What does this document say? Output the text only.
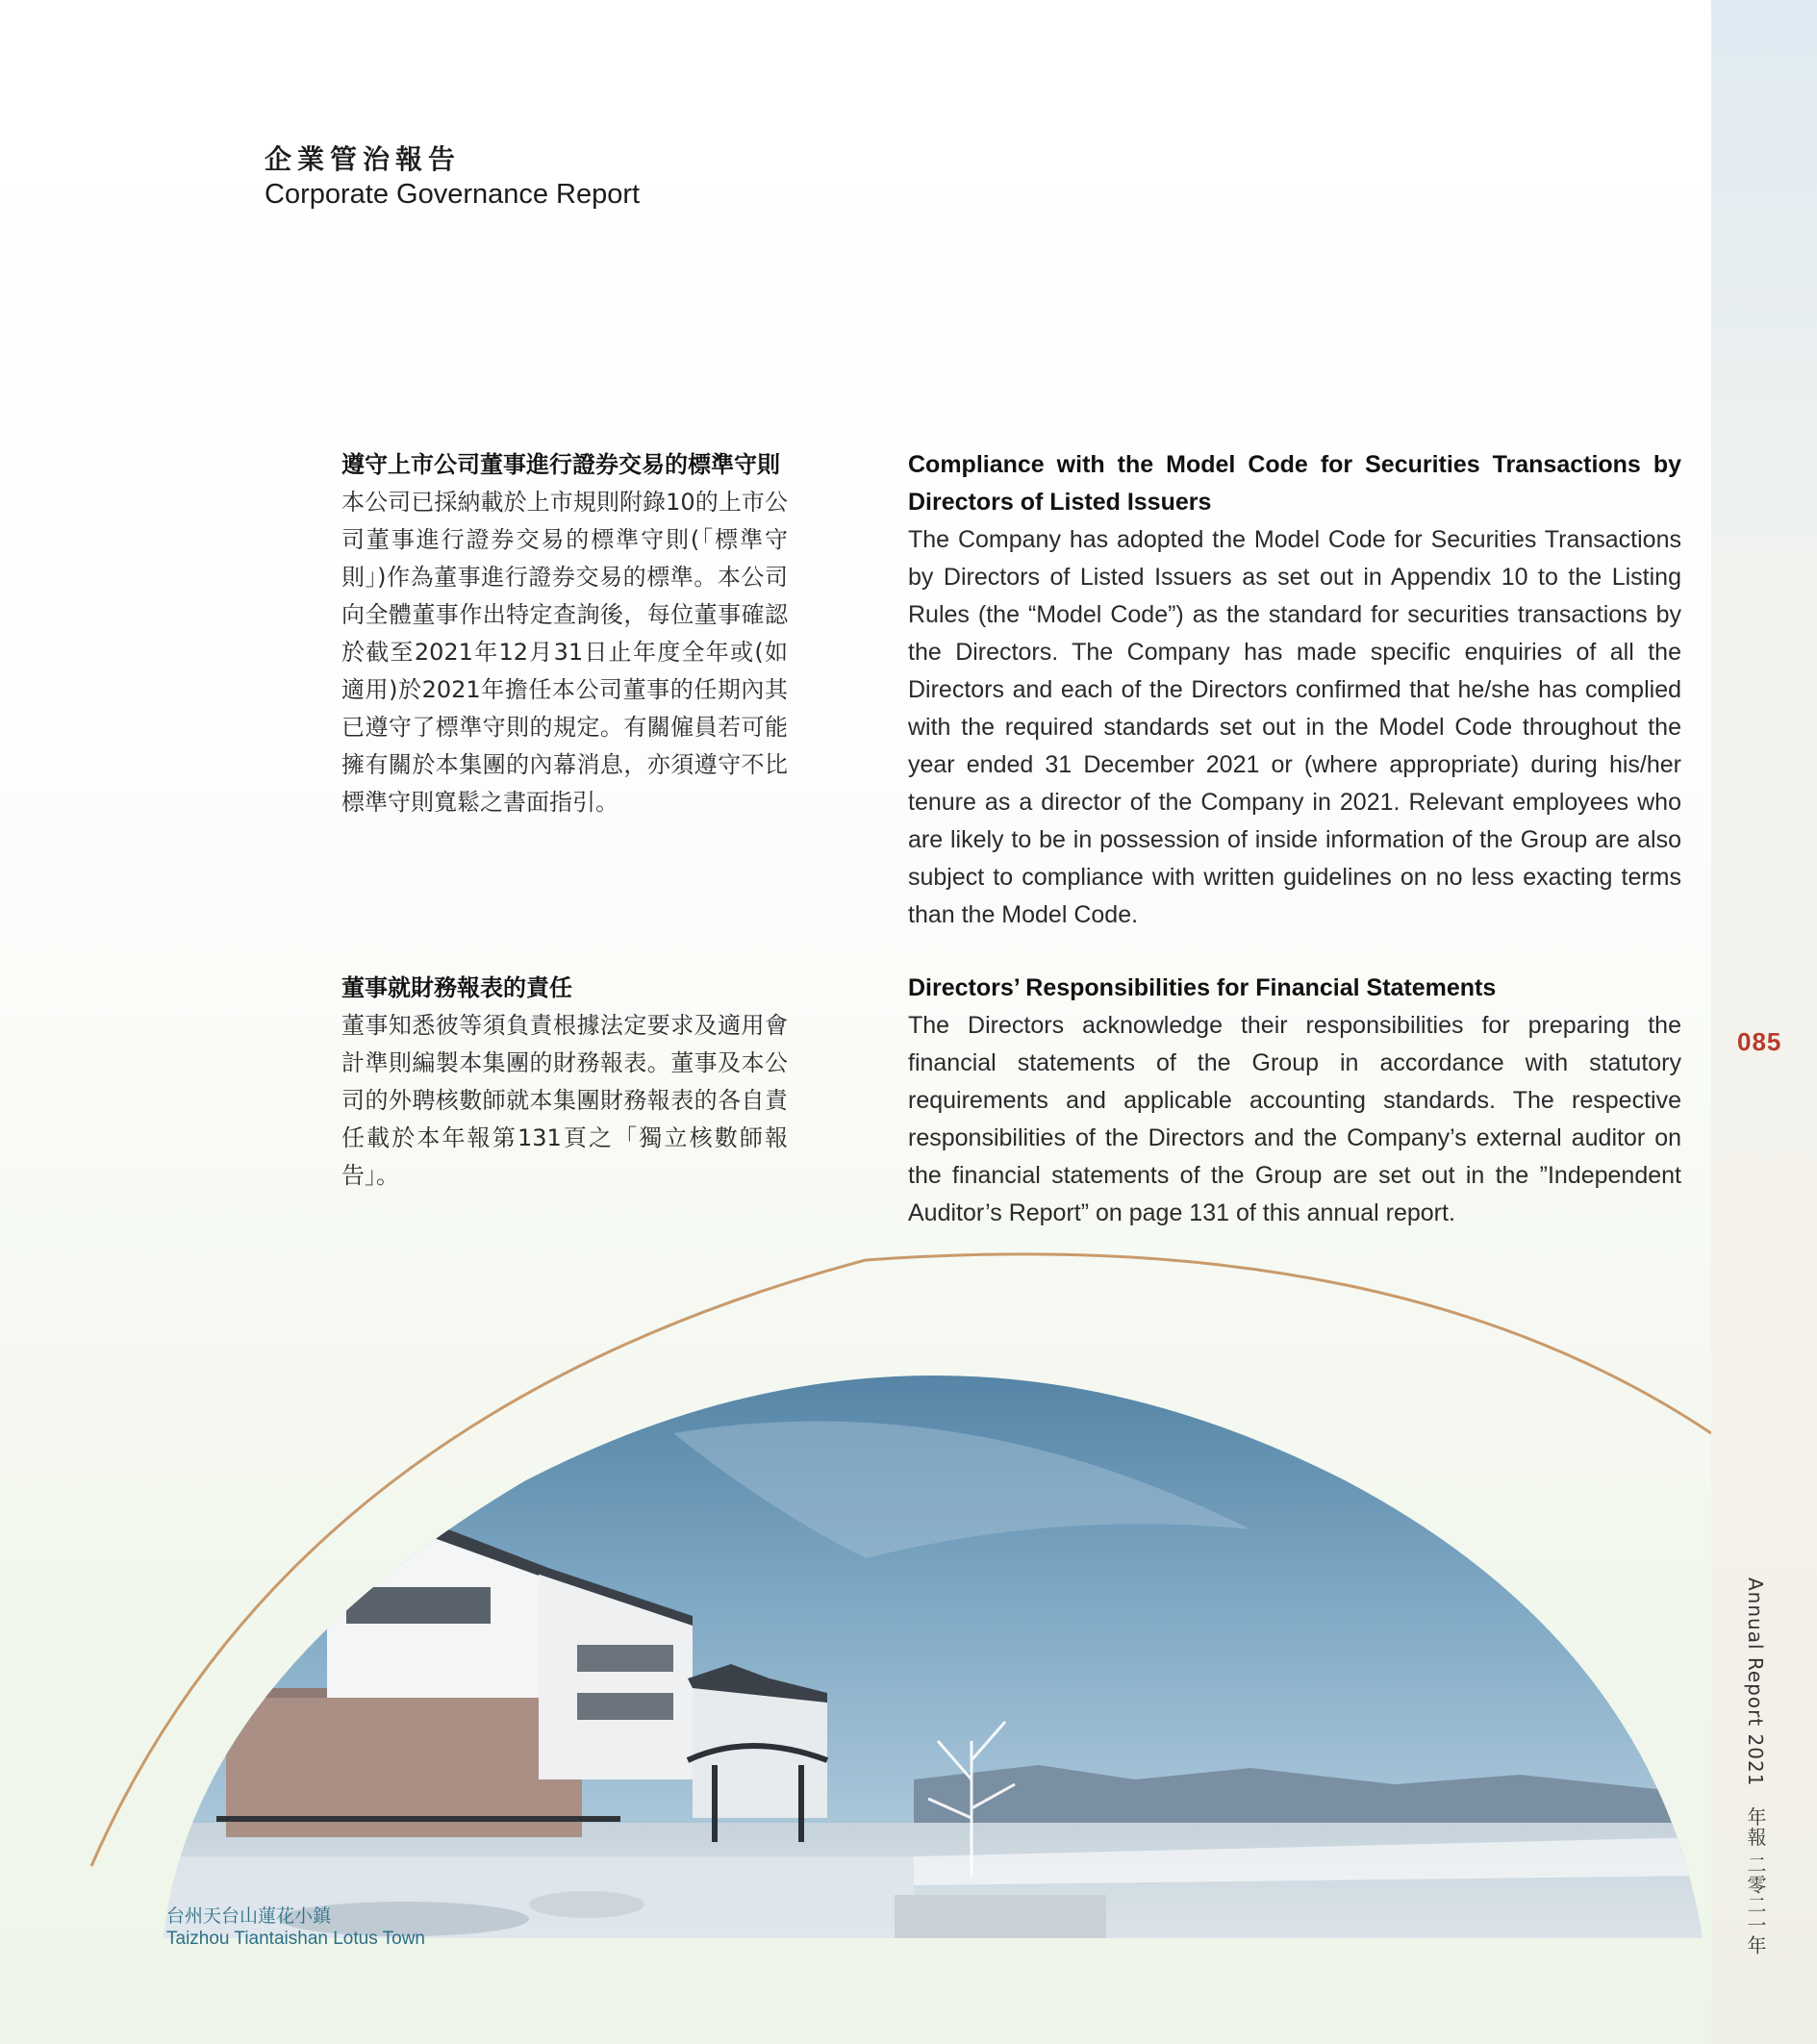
企業管治報告
Corporate Governance Report
遵守上市公司董事進行證券交易的標準守則

本公司已採納載於上市規則附錄10的上市公司董事進行證券交易的標準守則(「標準守則」)作為董事進行證券交易的標準。本公司向全體董事作出特定查詢後，每位董事確認於截至2021年12月31日止年度全年或(如適用)於2021年擔任本公司董事的任期內其已遵守了標準守則的規定。有關僱員若可能擁有關於本集團的內幕消息，亦須遵守不比標準守則寬鬆之書面指引。

Compliance with the Model Code for Securities Transactions by Directors of Listed Issuers

The Company has adopted the Model Code for Securities Transactions by Directors of Listed Issuers as set out in Appendix 10 to the Listing Rules (the “Model Code”) as the standard for securities transactions by the Directors. The Company has made specific enquiries of all the Directors and each of the Directors confirmed that he/she has complied with the required standards set out in the Model Code throughout the year ended 31 December 2021 or (where appropriate) during his/her tenure as a director of the Company in 2021. Relevant employees who are likely to be in possession of inside information of the Group are also subject to compliance with written guidelines on no less exacting terms than the Model Code.

董事就財務報表的責任

董事知悉彼等須負責根據法定要求及適用會計準則編製本集團的財務報表。董事及本公司的外聘核數師就本集團財務報表的各自責任載於本年報第131頁之「獨立核數師報告」。

Directors’ Responsibilities for Financial Statements

The Directors acknowledge their responsibilities for preparing the financial statements of the Group in accordance with statutory requirements and applicable accounting standards. The respective responsibilities of the Directors and the Company’s external auditor on the financial statements of the Group are set out in the ”Independent Auditor’s Report” on page 131 of this annual report.

085
Annual Report 2021　年報 二零二一年
台州天台山蓮花小鎮
Taizhou Tiantaishan Lotus Town
